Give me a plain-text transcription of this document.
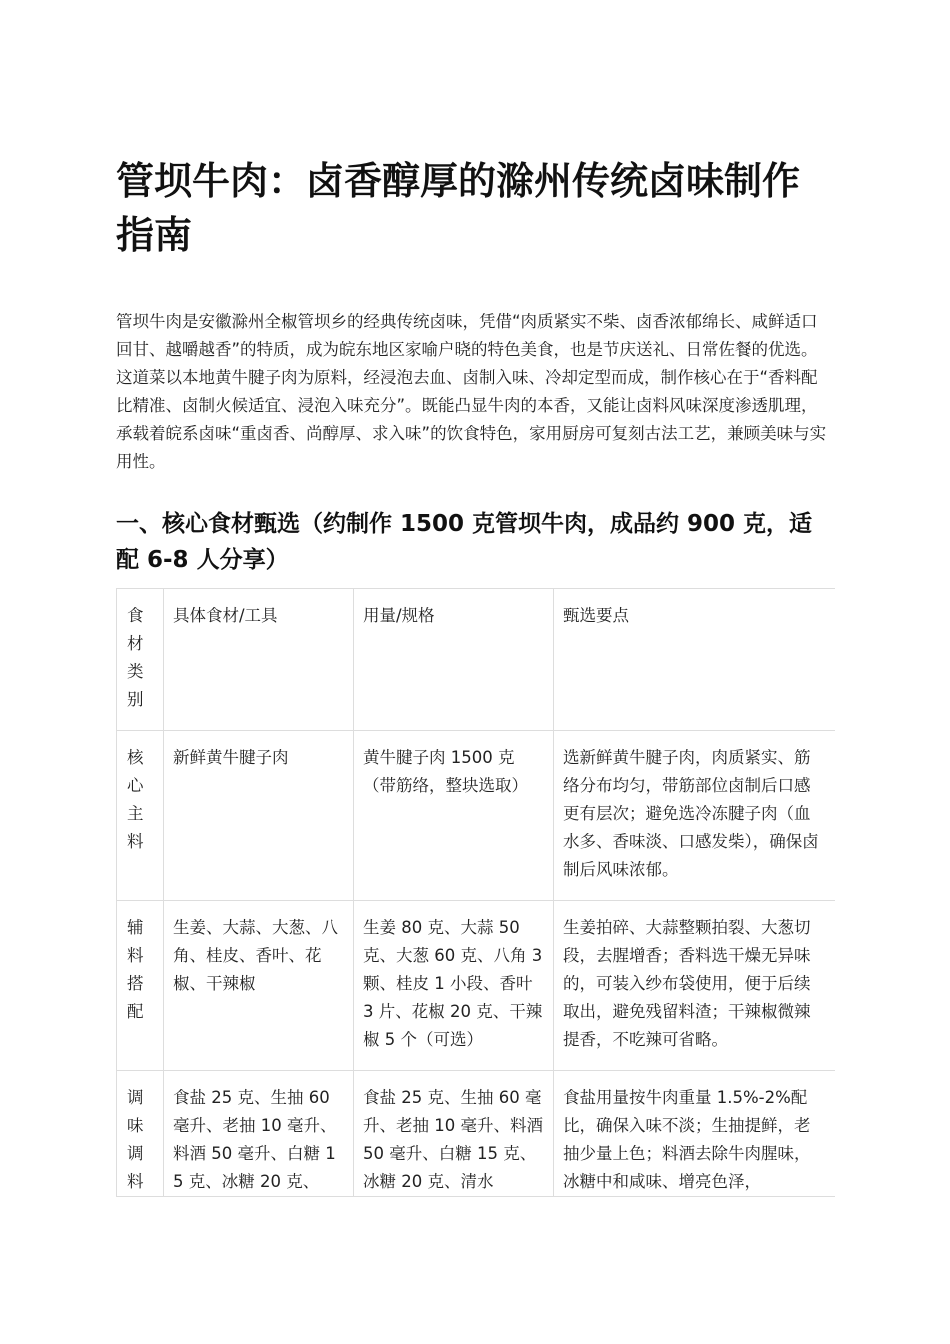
管坝牛肉：卤香醇厚的滁州传统卤味制作指南

管坝牛肉是安徽滁州全椒管坝乡的经典传统卤味，凭借“肉质紧实不柴、卤香浓郁绵长、咸鲜适口回甘、越嚼越香”的特质，成为皖东地区家喻户晓的特色美食，也是节庆送礼、日常佐餐的优选。这道菜以本地黄牛腱子肉为原料，经浸泡去血、卤制入味、冷却定型而成，制作核心在于“香料配比精准、卤制火候适宜、浸泡入味充分”。既能凸显牛肉的本香，又能让卤料风味深度渗透肌理，承载着皖系卤味“重卤香、尚醇厚、求入味”的饮食特色，家用厨房可复刻古法工艺，兼顾美味与实用性。

一、核心食材甄选（约制作 1500 克管坝牛肉，成品约 900 克，适配 6-8 人分享）
食材类别	具体食材/工具	用量/规格	甄选要点
核心主料	新鲜黄牛腱子肉	黄牛腱子肉 1500 克（带筋络，整块选取）	选新鲜黄牛腱子肉，肉质紧实、筋络分布均匀，带筋部位卤制后口感更有层次；避免选冷冻腱子肉（血水多、香味淡、口感发柴），确保卤制后风味浓郁。
辅料搭配	生姜、大蒜、大葱、八角、桂皮、香叶、花椒、干辣椒	生姜 80 克、大蒜 50 克、大葱 60 克、八角 3 颗、桂皮 1 小段、香叶 3 片、花椒 20 克、干辣椒 5 个（可选）	生姜拍碎、大蒜整颗拍裂、大葱切段，去腥增香；香料选干燥无异味的，可装入纱布袋使用，便于后续取出，避免残留料渣；干辣椒微辣提香，不吃辣可省略。
调味调料	食盐 25 克、生抽 60 毫升、老抽 10 毫升、料酒 50 毫升、白糖 15 克、冰糖 20 克、	食盐 25 克、生抽 60 毫升、老抽 10 毫升、料酒 50 毫升、白糖 15 克、冰糖 20 克、清水	食盐用量按牛肉重量 1.5%-2%配比，确保入味不淡；生抽提鲜，老抽少量上色；料酒去除牛肉腥味，冰糖中和咸味、增亮色泽，
